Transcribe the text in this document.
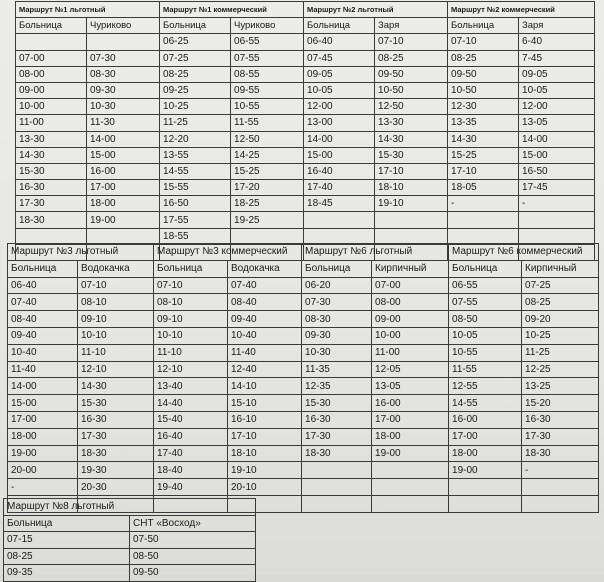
Маршрут №1 льготный		Маршрут №1 коммерческий		Маршрут №2 льготный		Маршрут №2 коммерческий	
Больница	Чуриково	Больница	Чуриково	Больница	Заря	Больница	Заря
		06-25	06-55	06-40	07-10	07-10	6-40
07-00	07-30	07-25	07-55	07-45	08-25	08-25	7-45
08-00	08-30	08-25	08-55	09-05	09-50	09-50	09-05
09-00	09-30	09-25	09-55	10-05	10-50	10-50	10-05
10-00	10-30	10-25	10-55	12-00	12-50	12-30	12-00
11-00	11-30	11-25	11-55	13-00	13-30	13-35	13-05
13-30	14-00	12-20	12-50	14-00	14-30	14-30	14-00
14-30	15-00	13-55	14-25	15-00	15-30	15-25	15-00
15-30	16-00	14-55	15-25	16-40	17-10	17-10	16-50
16-30	17-00	15-55	17-20	17-40	18-10	18-05	17-45
17-30	18-00	16-50	18-25	18-45	19-10	-	-
18-30	19-00	17-55	19-25				
		18-55					

Маршрут №3 льготный		Маршрут №3 коммерческий		Маршрут №6 льготный		Маршрут №6 коммерческий	
Больница	Водокачка	Больница	Водокачка	Больница	Кирпичный	Больница	Кирпичный
06-40	07-10	07-10	07-40	06-20	07-00	06-55	07-25
07-40	08-10	08-10	08-40	07-30	08-00	07-55	08-25
08-40	09-10	09-10	09-40	08-30	09-00	08-50	09-20
09-40	10-10	10-10	10-40	09-30	10-00	10-05	10-25
10-40	11-10	11-10	11-40	10-30	11-00	10-55	11-25
11-40	12-10	12-10	12-40	11-35	12-05	11-55	12-25
14-00	14-30	13-40	14-10	12-35	13-05	12-55	13-25
15-00	15-30	14-40	15-10	15-30	16-00	14-55	15-20
17-00	16-30	15-40	16-10	16-30	17-00	16-00	16-30
18-00	17-30	16-40	17-10	17-30	18-00	17-00	17-30
19-00	18-30	17-40	18-10	18-30	19-00	18-00	18-30
20-00	19-30	18-40	19-10			19-00	-
-	20-30	19-40	20-10				

Маршрут №8 льготный	
Больница	СНТ «Восход»
07-15	07-50
08-25	08-50
09-35	09-50
